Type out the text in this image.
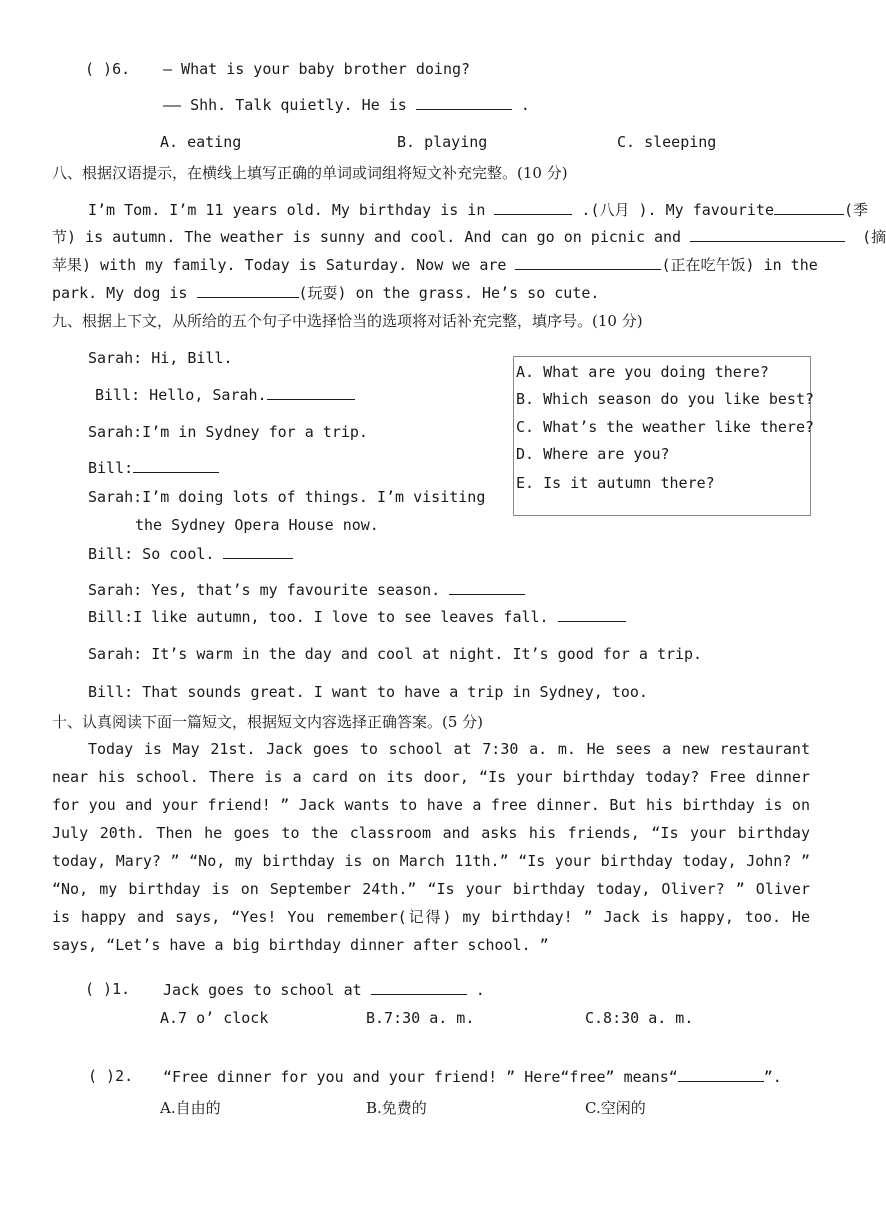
( )6. — What is your baby brother doing?
—— Shh. Talk quietly. He is	.
A. eating	B. playing	C. sleeping
八、根据汉语提示，在横线上填写正确的单词或词组将短文补充完整。(10 分)
I’m Tom. I’m 11 years old. My birthday is in	.(八月 ). My favourite	(季
节) is autumn. The weather is sunny and cool. And can go on picnic and	(摘
苹果) with my family. Today is Saturday. Now we are	(正在吃午饭) in the
park. My dog is	(玩耍) on the grass. He’s so cute.
九、根据上下文，从所给的五个句子中选择恰当的选项将对话补充完整，填序号。(10 分)
Sarah: Hi, Bill.
Bill: Hello, Sarah.
Sarah:I’m in Sydney for a trip.
Bill:
Sarah:I’m doing lots of things. I’m visiting
the Sydney Opera House now.
Bill: So cool.
Sarah: Yes, that’s my favourite season.
Bill:I like autumn, too. I love to see leaves fall.
Sarah: It’s warm in the day and cool at night. It’s good for a trip.
Bill: That sounds great. I want to have a trip in Sydney, too.
A. What are you doing there?
B. Which season do you like best?
C. What’s the weather like there?
D. Where are you?
E. Is it autumn there?
十、认真阅读下面一篇短文，根据短文内容选择正确答案。(5 分)

Today is May 21st. Jack goes to school at 7:30 a. m. He sees a new restaurant near his school. There is a card on its door, “Is your birthday today? Free dinner for you and your friend! ” Jack wants to have a free dinner. But his birthday is on July 20th. Then he goes to the classroom and asks his friends, “Is your birthday today, Mary? ” “No, my birthday is on March 11th.” “Is your birthday today, John? ” “No, my birthday is on September 24th.” “Is your birthday today, Oliver? ” Oliver is happy and says, “Yes! You remember(记得) my birthday! ” Jack is happy, too. He says, “Let’s have a big birthday dinner after school. ”

( )1. Jack goes to school at	.
A.7 o’ clock	B.7:30 a. m.	C.8:30 a. m.
( )2. “Free dinner for you and your friend! ” Here“free” means“	”.
A.自由的	B.免费的	C.空闲的
